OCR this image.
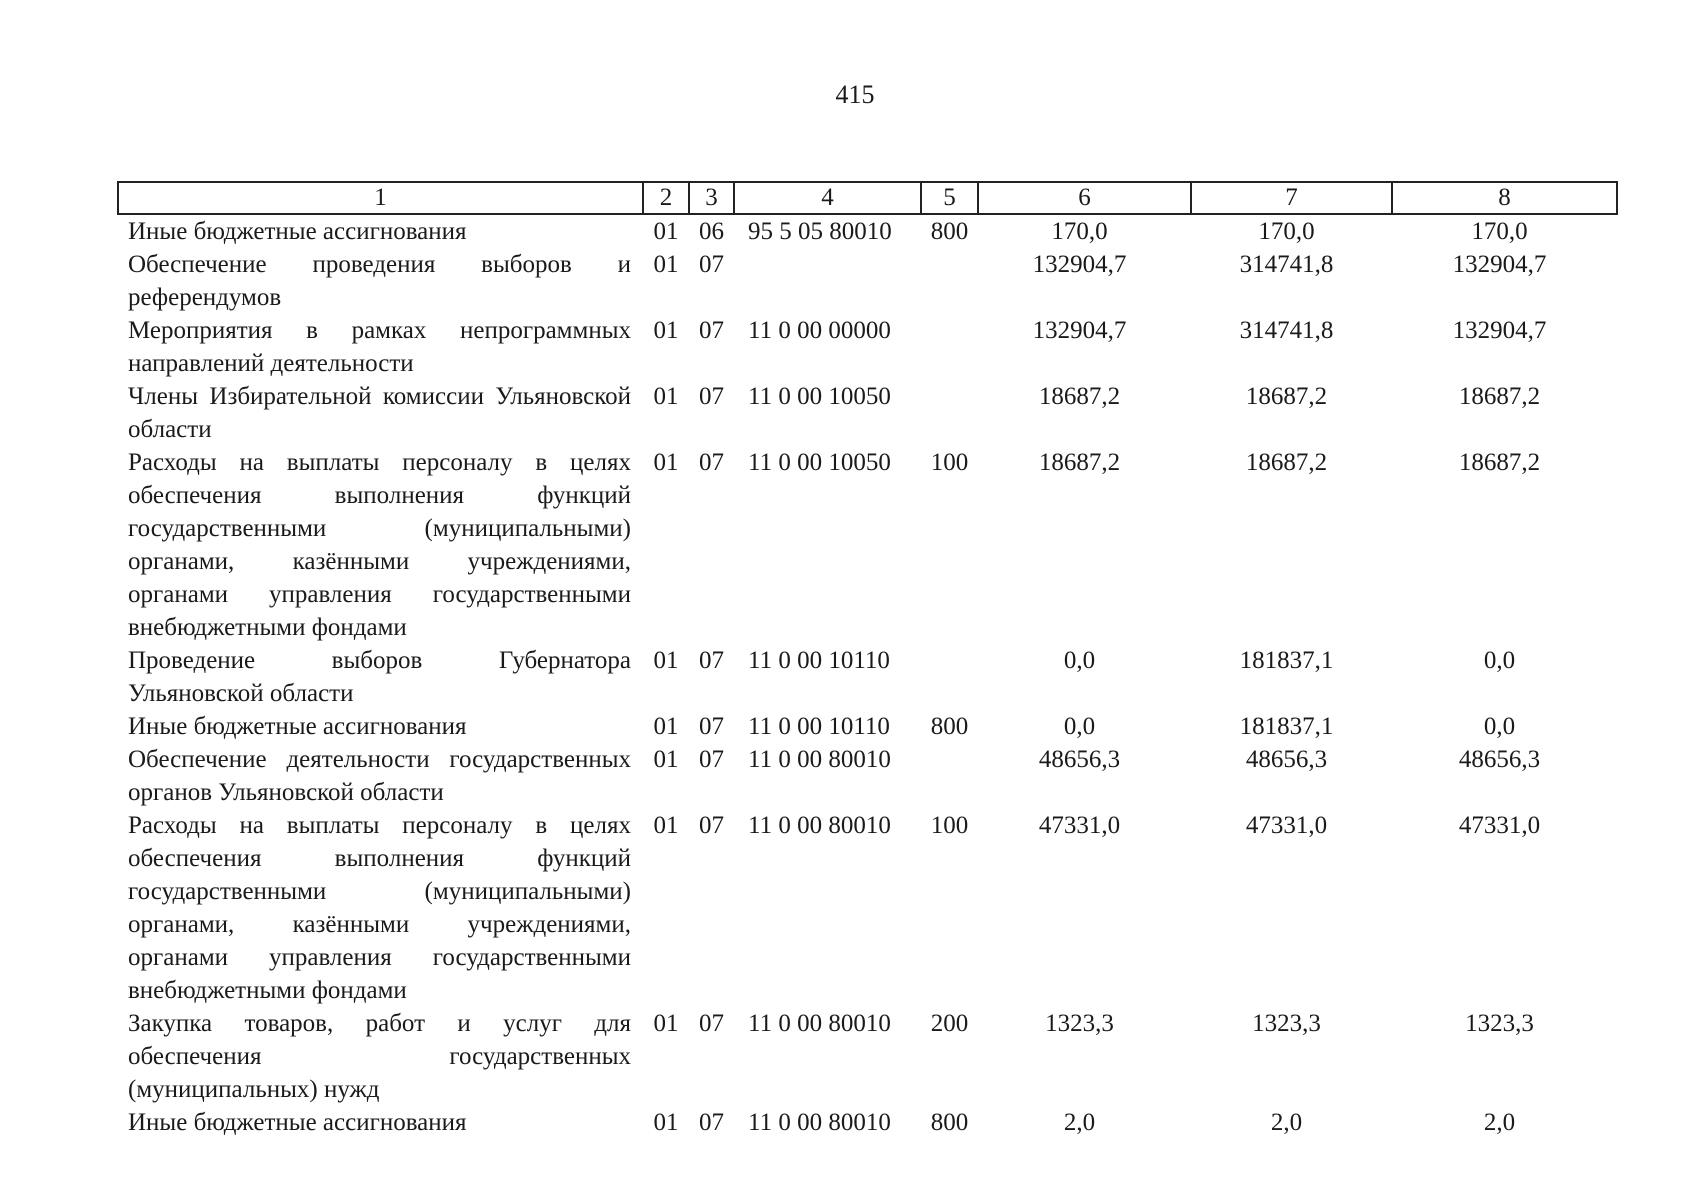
415
1	2	3	4	5	6	7	8
Иные бюджетные ассигнования	01	06	95 5 05 80010	800	170,0	170,0	170,0
Обеспечение проведения выборов и референдумов	01	07			132904,7	314741,8	132904,7
Мероприятия в рамках непрограммных направлений деятельности	01	07	11 0 00 00000		132904,7	314741,8	132904,7
Члены Избирательной комиссии Ульяновской области	01	07	11 0 00 10050		18687,2	18687,2	18687,2
Расходы на выплаты персоналу в целях обеспечения выполнения функций государственными (муниципальными) органами, казёнными учреждениями, органами управления государственными внебюджетными фондами	01	07	11 0 00 10050	100	18687,2	18687,2	18687,2
Проведение выборов Губернатора Ульяновской области	01	07	11 0 00 10110		0,0	181837,1	0,0
Иные бюджетные ассигнования	01	07	11 0 00 10110	800	0,0	181837,1	0,0
Обеспечение деятельности государственных органов Ульяновской области	01	07	11 0 00 80010		48656,3	48656,3	48656,3
Расходы на выплаты персоналу в целях обеспечения выполнения функций государственными (муниципальными) органами, казёнными учреждениями, органами управления государственными внебюджетными фондами	01	07	11 0 00 80010	100	47331,0	47331,0	47331,0
Закупка товаров, работ и услуг для обеспечения государственных (муниципальных) нужд	01	07	11 0 00 80010	200	1323,3	1323,3	1323,3
Иные бюджетные ассигнования	01	07	11 0 00 80010	800	2,0	2,0	2,0
